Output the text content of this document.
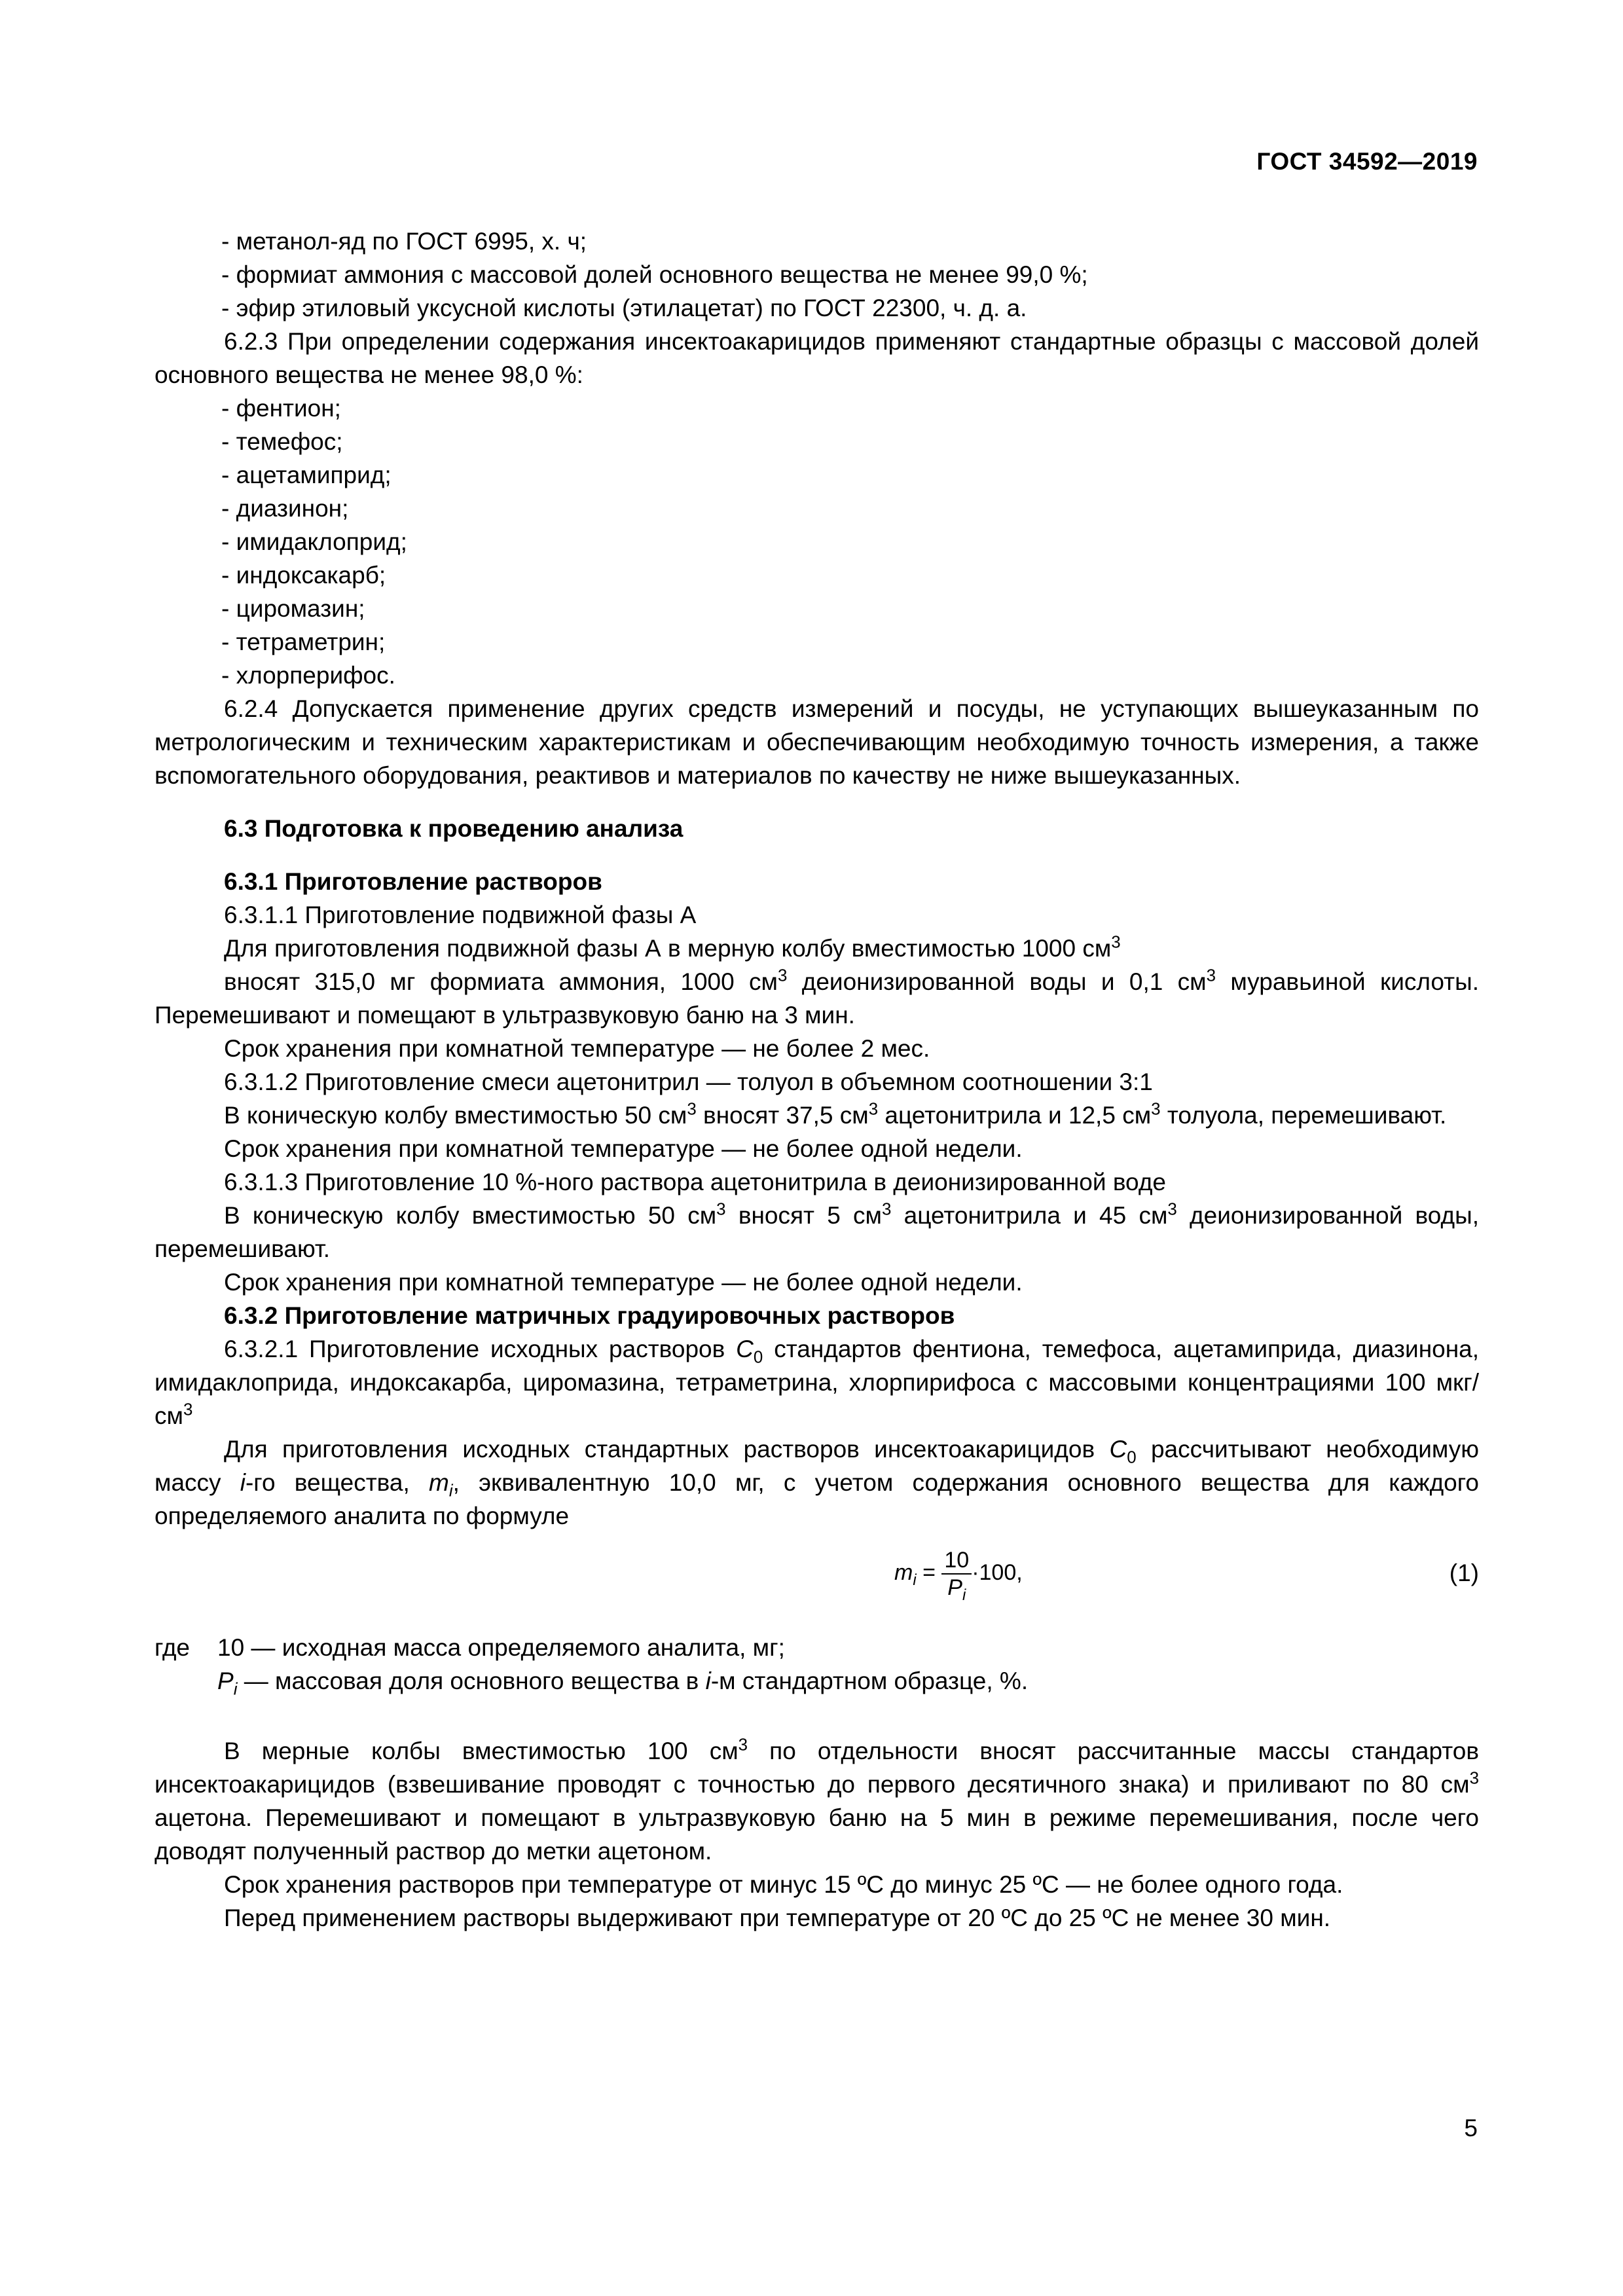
ГОСТ 34592—2019
- метанол-яд по ГОСТ 6995, х. ч;
- формиат аммония с массовой долей основного вещества не менее 99,0 %;
- эфир этиловый уксусной кислоты (этилацетат) по ГОСТ 22300, ч. д. а.

6.2.3 При определении содержания инсектоакарицидов применяют стандартные образцы с массовой долей основного вещества не менее 98,0 %:

- фентион;
- темефос;
- ацетамиприд;
- диазинон;
- имидаклоприд;
- индоксакарб;
- циромазин;
- тетраметрин;
- хлорперифос.

6.2.4 Допускается применение других средств измерений и посуды, не уступающих вышеуказанным по метрологическим и техническим характеристикам и обеспечивающим необходимую точность измерения, а также вспомогательного оборудования, реактивов и материалов по качеству не ниже вышеуказанных.

6.3 Подготовка к проведению анализа

6.3.1 Приготовление растворов

6.3.1.1 Приготовление подвижной фазы А

Для приготовления подвижной фазы А в мерную колбу вместимостью 1000 $см^3$

вносят 315,0 мг формиата аммония, 1000 $см^3$ деионизированной воды и 0,1 $см^3$ муравьиной кислоты. Перемешивают и помещают в ультразвуковую баню на 3 мин.

Срок хранения при комнатной температуре — не более 2 мес.

6.3.1.2 Приготовление смеси ацетонитрил — толуол в объемном соотношении 3:1

В коническую колбу вместимостью 50 $см^3$ вносят 37,5 $см^3$ ацетонитрила и 12,5 $см^3$ толуола, перемешивают.

Срок хранения при комнатной температуре — не более одной недели.

6.3.1.3 Приготовление 10 %-ного раствора ацетонитрила в деионизированной воде

В коническую колбу вместимостью 50 $см^3$ вносят 5 $см^3$ ацетонитрила и 45 $см^3$ деионизированной воды, перемешивают.

Срок хранения при комнатной температуре — не более одной недели.

6.3.2 Приготовление матричных градуировочных растворов

6.3.2.1 Приготовление исходных растворов $C_0$ стандартов фентиона, темефоса, ацетамиприда, диазинона, имидаклоприда, индоксакарба, циромазина, тетраметрина, хлорпирифоса с массовыми концентрациями 100 мкг/$см^3$

Для приготовления исходных стандартных растворов инсектоакарицидов $C_0$ рассчитывают необходимую массу i-го вещества, $m_i$, эквивалентную 10,0 мг, с учетом содержания основного вещества для каждого определяемого аналита по формуле

$m_i = \frac{10}{P_i} \cdot 100$,	(1)

где 10 — исходная масса определяемого аналита, мг;

$P_i$ — массовая доля основного вещества в i-м стандартном образце, %.

В мерные колбы вместимостью 100 $см^3$ по отдельности вносят рассчитанные массы стандартов инсектоакарицидов (взвешивание проводят с точностью до первого десятичного знака) и приливают по 80 $см^3$ ацетона. Перемешивают и помещают в ультразвуковую баню на 5 мин в режиме перемешивания, после чего доводят полученный раствор до метки ацетоном.

Срок хранения растворов при температуре от минус 15 ºС до минус 25 ºС — не более одного года.

Перед применением растворы выдерживают при температуре от 20 ºС до 25 ºС не менее 30 мин.

5
